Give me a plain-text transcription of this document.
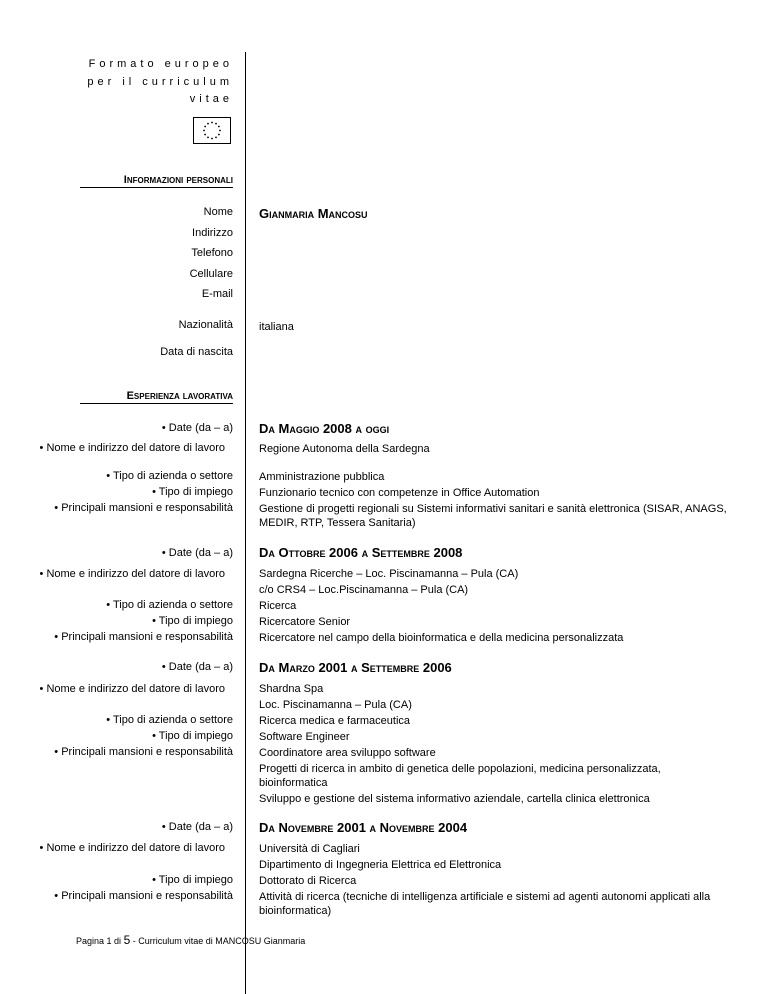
Formato europeo
per il curriculum
vitae
Informazioni personali
Nome Gianmaria Mancosu
Indirizzo
Telefono
Cellulare
E-mail
Nazionalità italiana
Data di nascita
Esperienza lavorativa
• Date (da – a) Da Maggio 2008 a oggi
• Nome e indirizzo del datore di lavoro
• Tipo di azienda o settore
• Tipo di impiego
• Principali mansioni e responsabilità
Regione Autonoma della Sardegna
Amministrazione pubblica
Funzionario tecnico con competenze in Office Automation
Gestione di progetti regionali su Sistemi informativi sanitari e sanità elettronica (SISAR, ANAGS, MEDIR, RTP, Tessera Sanitaria)
• Date (da – a) Da Ottobre 2006 a Settembre 2008
• Nome e indirizzo del datore di lavoro
• Tipo di azienda o settore
• Tipo di impiego
• Principali mansioni e responsabilità
Sardegna Ricerche – Loc. Piscinamanna – Pula (CA)
c/o CRS4 – Loc.Piscinamanna – Pula (CA)
Ricerca
Ricercatore Senior
Ricercatore nel campo della bioinformatica e della medicina personalizzata
• Date (da – a) Da Marzo 2001 a Settembre 2006
• Nome e indirizzo del datore di lavoro
• Tipo di azienda o settore
• Tipo di impiego
• Principali mansioni e responsabilità
Shardna Spa
Loc. Piscinamanna – Pula (CA)
Ricerca medica e farmaceutica
Software Engineer
Coordinatore area sviluppo software
Progetti di ricerca in ambito di genetica delle popolazioni, medicina personalizzata, bioinformatica
Sviluppo e gestione del sistema informativo aziendale, cartella clinica elettronica
• Date (da – a) Da Novembre 2001 a Novembre 2004
• Nome e indirizzo del datore di lavoro
• Tipo di impiego
• Principali mansioni e responsabilità
Università di Cagliari
Dipartimento di Ingegneria Elettrica ed Elettronica
Dottorato di Ricerca
Attività di ricerca (tecniche di intelligenza artificiale e sistemi ad agenti autonomi applicati alla bioinformatica)
Pagina 1 di 5 - Curriculum vitae di MANCOSU Gianmaria
